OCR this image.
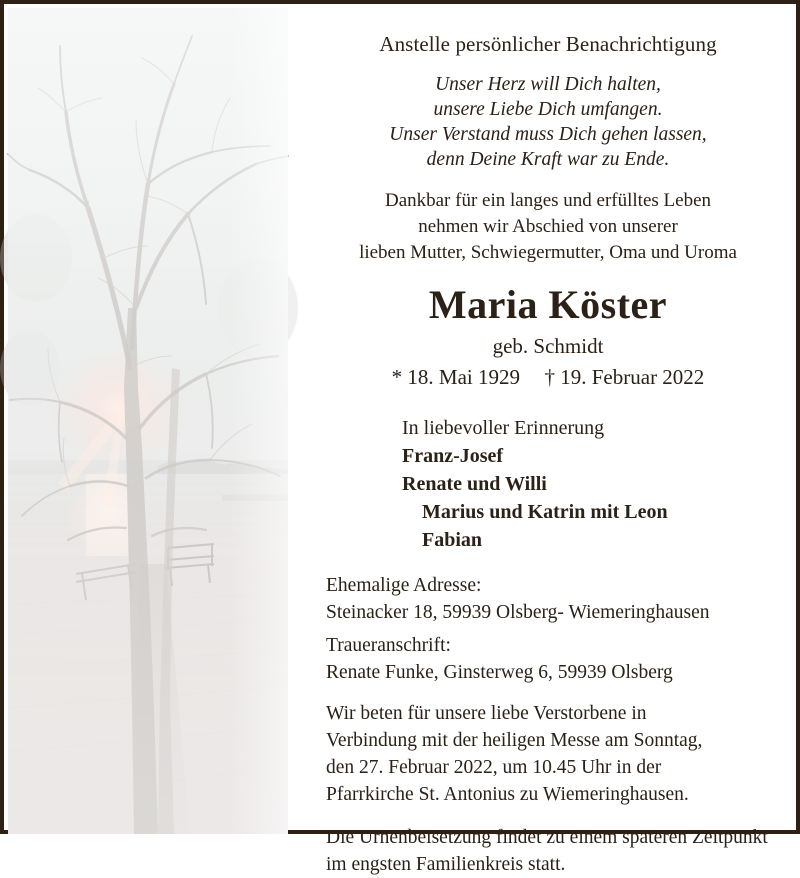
Anstelle persönlicher Benachrichtigung
Unser Herz will Dich halten,
unsere Liebe Dich umfangen.
Unser Verstand muss Dich gehen lassen,
denn Deine Kraft war zu Ende.
Dankbar für ein langes und erfülltes Leben
nehmen wir Abschied von unserer
lieben Mutter, Schwiegermutter, Oma und Uroma
Maria Köster
geb. Schmidt
* 18. Mai 1929 † 19. Februar 2022
In liebevoller Erinnerung
Franz-Josef
Renate und Willi
Marius und Katrin mit Leon
Fabian
Ehemalige Adresse:
Steinacker 18, 59939 Olsberg- Wiemeringhausen
Traueranschrift:
Renate Funke, Ginsterweg 6, 59939 Olsberg
Wir beten für unsere liebe Verstorbene in
Verbindung mit der heiligen Messe am Sonntag,
den 27. Februar 2022, um 10.45 Uhr in der
Pfarrkirche St. Antonius zu Wiemeringhausen.
Die Urnenbeisetzung findet zu einem späteren Zeitpunkt
im engsten Familienkreis statt.
